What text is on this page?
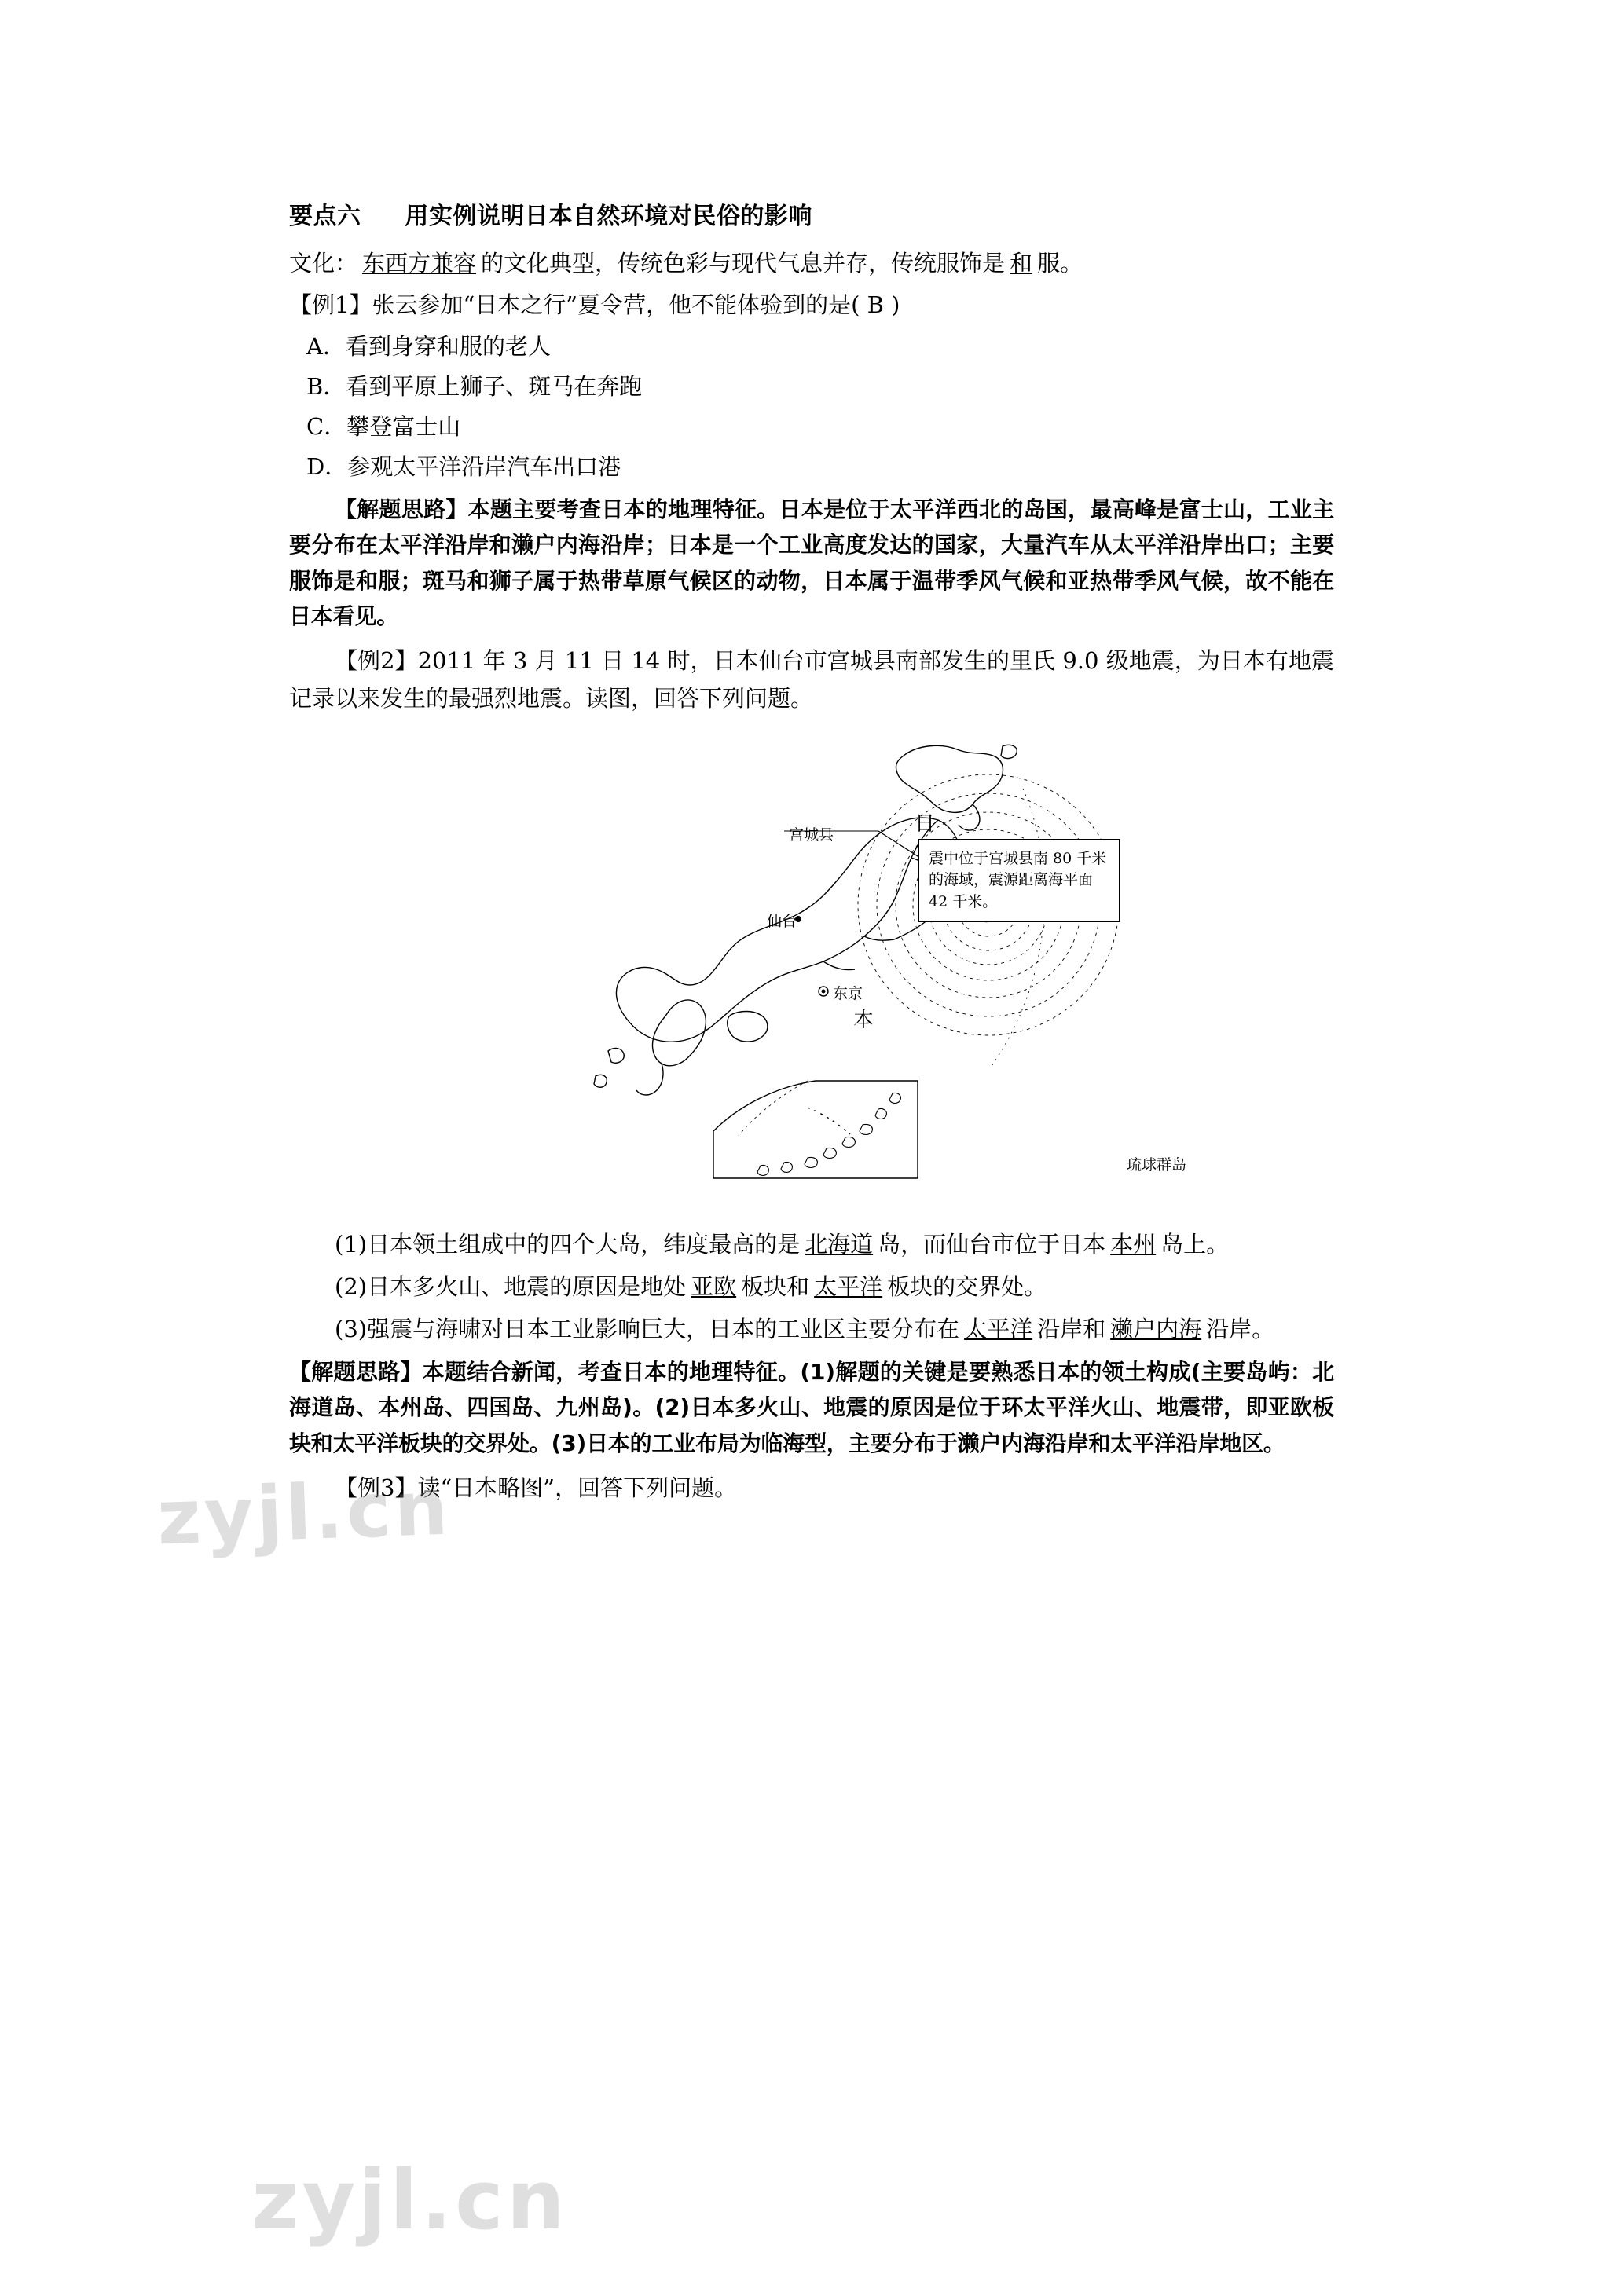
要点六 用实例说明日本自然环境对民俗的影响
文化： 东西方兼容 的文化典型，传统色彩与现代气息并存，传统服饰是 和 服。
【例1】张云参加“日本之行”夏令营，他不能体验到的是( B )
A．看到身穿和服的老人
B．看到平原上狮子、斑马在奔跑
C．攀登富士山
D．参观太平洋沿岸汽车出口港
【解题思路】本题主要考查日本的地理特征。日本是位于太平洋西北的岛国，最高峰是富士山，工业主要分布在太平洋沿岸和濑户内海沿岸；日本是一个工业高度发达的国家，大量汽车从太平洋沿岸出口；主要服饰是和服；斑马和狮子属于热带草原气候区的动物，日本属于温带季风气候和亚热带季风气候，故不能在日本看见。
【例2】2011 年 3 月 11 日 14 时，日本仙台市宫城县南部发生的里氏 9.0 级地震，为日本有地震记录以来发生的最强烈地震。读图，回答下列问题。
日
本
宫城县
仙台
东京
琉球群岛
震中位于宫城县南 80 千米的海域，震源距离海平面 42 千米。
(1)日本领土组成中的四个大岛，纬度最高的是 北海道 岛，而仙台市位于日本 本州 岛上。
(2)日本多火山、地震的原因是地处 亚欧 板块和 太平洋 板块的交界处。
(3)强震与海啸对日本工业影响巨大，日本的工业区主要分布在 太平洋 沿岸和 濑户内海 沿岸。
【解题思路】本题结合新闻，考查日本的地理特征。(1)解题的关键是要熟悉日本的领土构成(主要岛屿：北海道岛、本州岛、四国岛、九州岛)。(2)日本多火山、地震的原因是位于环太平洋火山、地震带，即亚欧板块和太平洋板块的交界处。(3)日本的工业布局为临海型，主要分布于濑户内海沿岸和太平洋沿岸地区。
【例3】读“日本略图”，回答下列问题。
zyjl.cn
zyjl.cn
